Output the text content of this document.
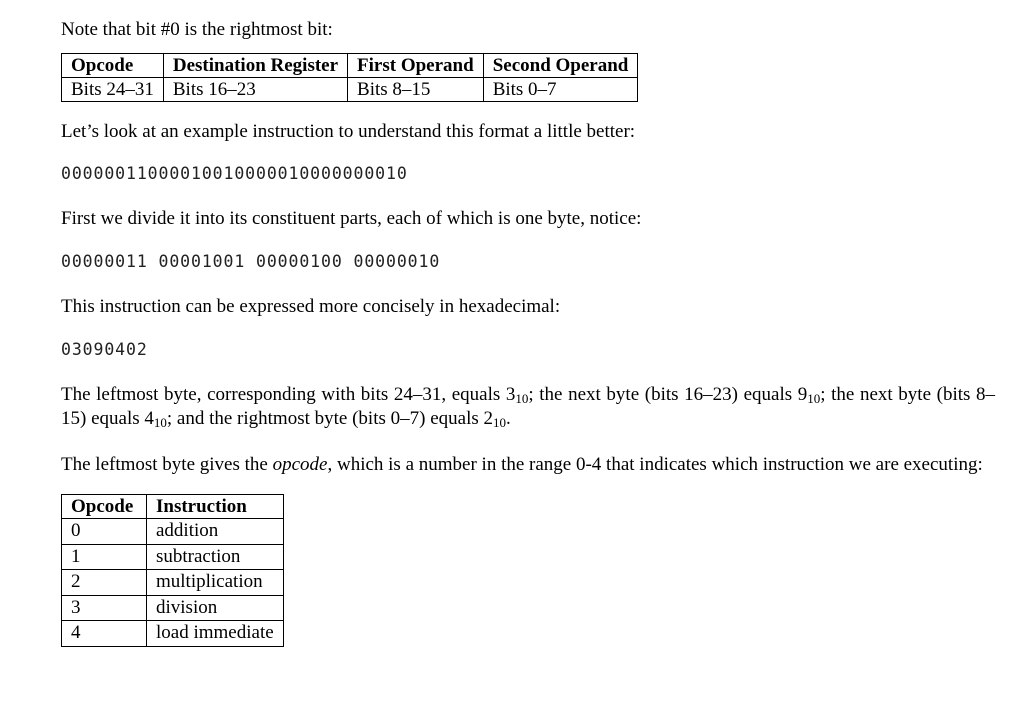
Note that bit #0 is the rightmost bit:

Opcode	Destination Register	First Operand	Second Operand
Bits 24–31	Bits 16–23	Bits 8–15	Bits 0–7

Let’s look at an example instruction to understand this format a little better:

00000011000010010000010000000010

First we divide it into its constituent parts, each of which is one byte, notice:

00000011 00001001 00000100 00000010

This instruction can be expressed more concisely in hexadecimal:

03090402

The leftmost byte, corresponding with bits 24–31, equals $3_{10}$; the next byte (bits 16–23) equals $9_{10}$; the next byte (bits 8–15) equals $4_{10}$; and the rightmost byte (bits 0–7) equals $2_{10}$.

The leftmost byte gives the opcode, which is a number in the range 0-4 that indicates which instruction we are executing:

Opcode	Instruction
0	addition
1	subtraction
2	multiplication
3	division
4	load immediate
